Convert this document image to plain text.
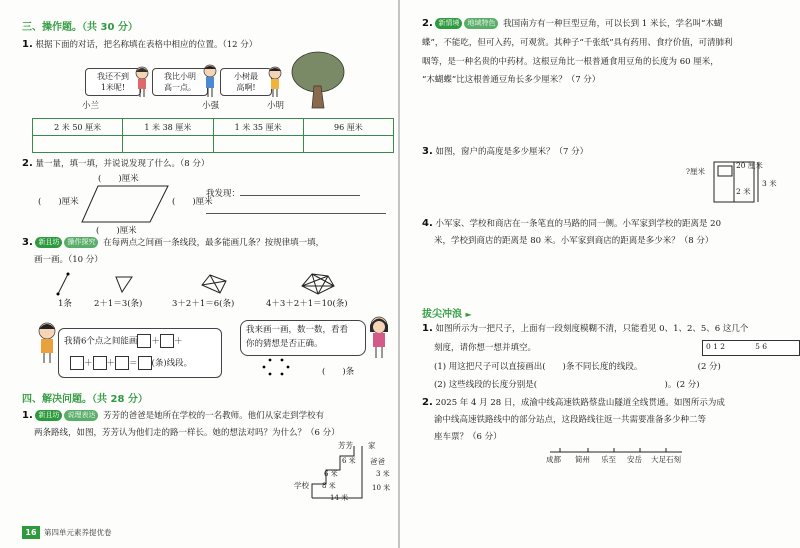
三、操作题。（共 30 分）
1. 根据下面的对话，把名称填在表格中相应的位置。（12 分）
我还不到
1米呢!
我比小明
高一点。
小树最
高啊!
小兰	小强	小明
2 米 50 厘米	1 米 38 厘米	1 米 35 厘米	96 厘米

2. 量一量，填一填，并说说发现了什么。（8 分）
(　　)厘米
(　　)厘米	(　　)厘米
(　　)厘米
我发现：
3. 新且坊 操作探究 在每两点之间画一条线段，最多能画几条？按规律填一填，
画一画。（10 分）
1条	2＋1＝3(条)	3＋2＋1＝6(条)	4＋3＋2＋1＝10(条)
我猜6个点之间能画 ＋ ＋
＋ ＋ ＝ (条)线段。
我来画一画，数一数，看看
你的猜想是否正确。
(　　)条
四、解决问题。（共 28 分）
1. 新且坊 说理表达 芳芳的爸爸是她所在学校的一名教师。他们从家走到学校有
两条路线，如图，芳芳认为他们走的路一样长。她的想法对吗？为什么？（6 分）
芳芳 家
爸爸
6 米
6 米	3 米
10 米
8 米
学校
14 米
16 第四单元素养提优卷
2. 新情境 地域特色 我国南方有一种巨型豆角，可以长到 1 米长，学名叫“木蝴
蝶”，不能吃，但可入药，可观赏。其种子“千张纸”具有药用、食疗价值，可清肺利
咽等，是一种名贵的中药材。这根豆角比一根普通食用豆角的长度为 60 厘米，
“木蝴蝶”比这根普通豆角长多少厘米？（7 分）
3. 如图，窗户的高度是多少厘米？（7 分）
?厘米
20 厘米
2 米
3 米
4. 小军家、学校和商店在一条笔直的马路的同一侧。小军家到学校的距离是 20
米，学校到商店的距离是 80 米。小军家到商店的距离是多少米？（8 分）
拔尖冲浪 ►
1. 如图所示为一把尺子，上面有一段刻度模糊不清，只能看见 0、1、2、5、6 这几个
刻度，请你想一想并填空。	0 1 2　　　　5 6
(1) 用这把尺子可以直接画出(　　)条不同长度的线段。　　　　　　　(2 分)
(2) 这些线段的长度分别是(　　　　　　　　　　　　　　　)。(2 分)
2. 2025 年 4 月 28 日，成渝中线高速铁路蔡盘山隧道全线贯通。如图所示为成
渝中线高速铁路线中的部分站点，这段路线往返一共需要准备多少种二等
座车票？（6 分）
成都 简州 乐至 安岳 大足石刻
